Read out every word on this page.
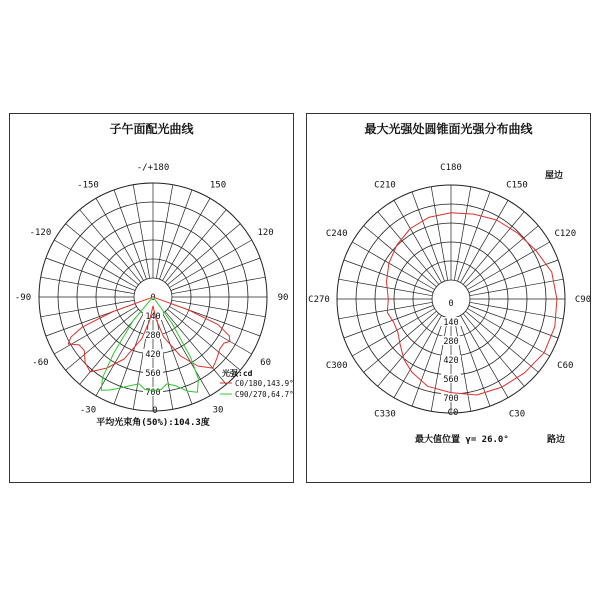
子午面配光曲线
0
140
280
420
560
700
-/+180
-150	150
-120	120
-90	90
-60	60
-30	30
0
光强:cd
C0/180,143.9°
C90/270,64.7°
平均光束角(50%):104.3度
最大光强处圆锥面光强分布曲线
0
140
280
420
560
700
C0	C30
C60
C90
C120
C150
C180
C210
C240
C270
C300
C330
屋边
路边
最大值位置 γ= 26.0°
